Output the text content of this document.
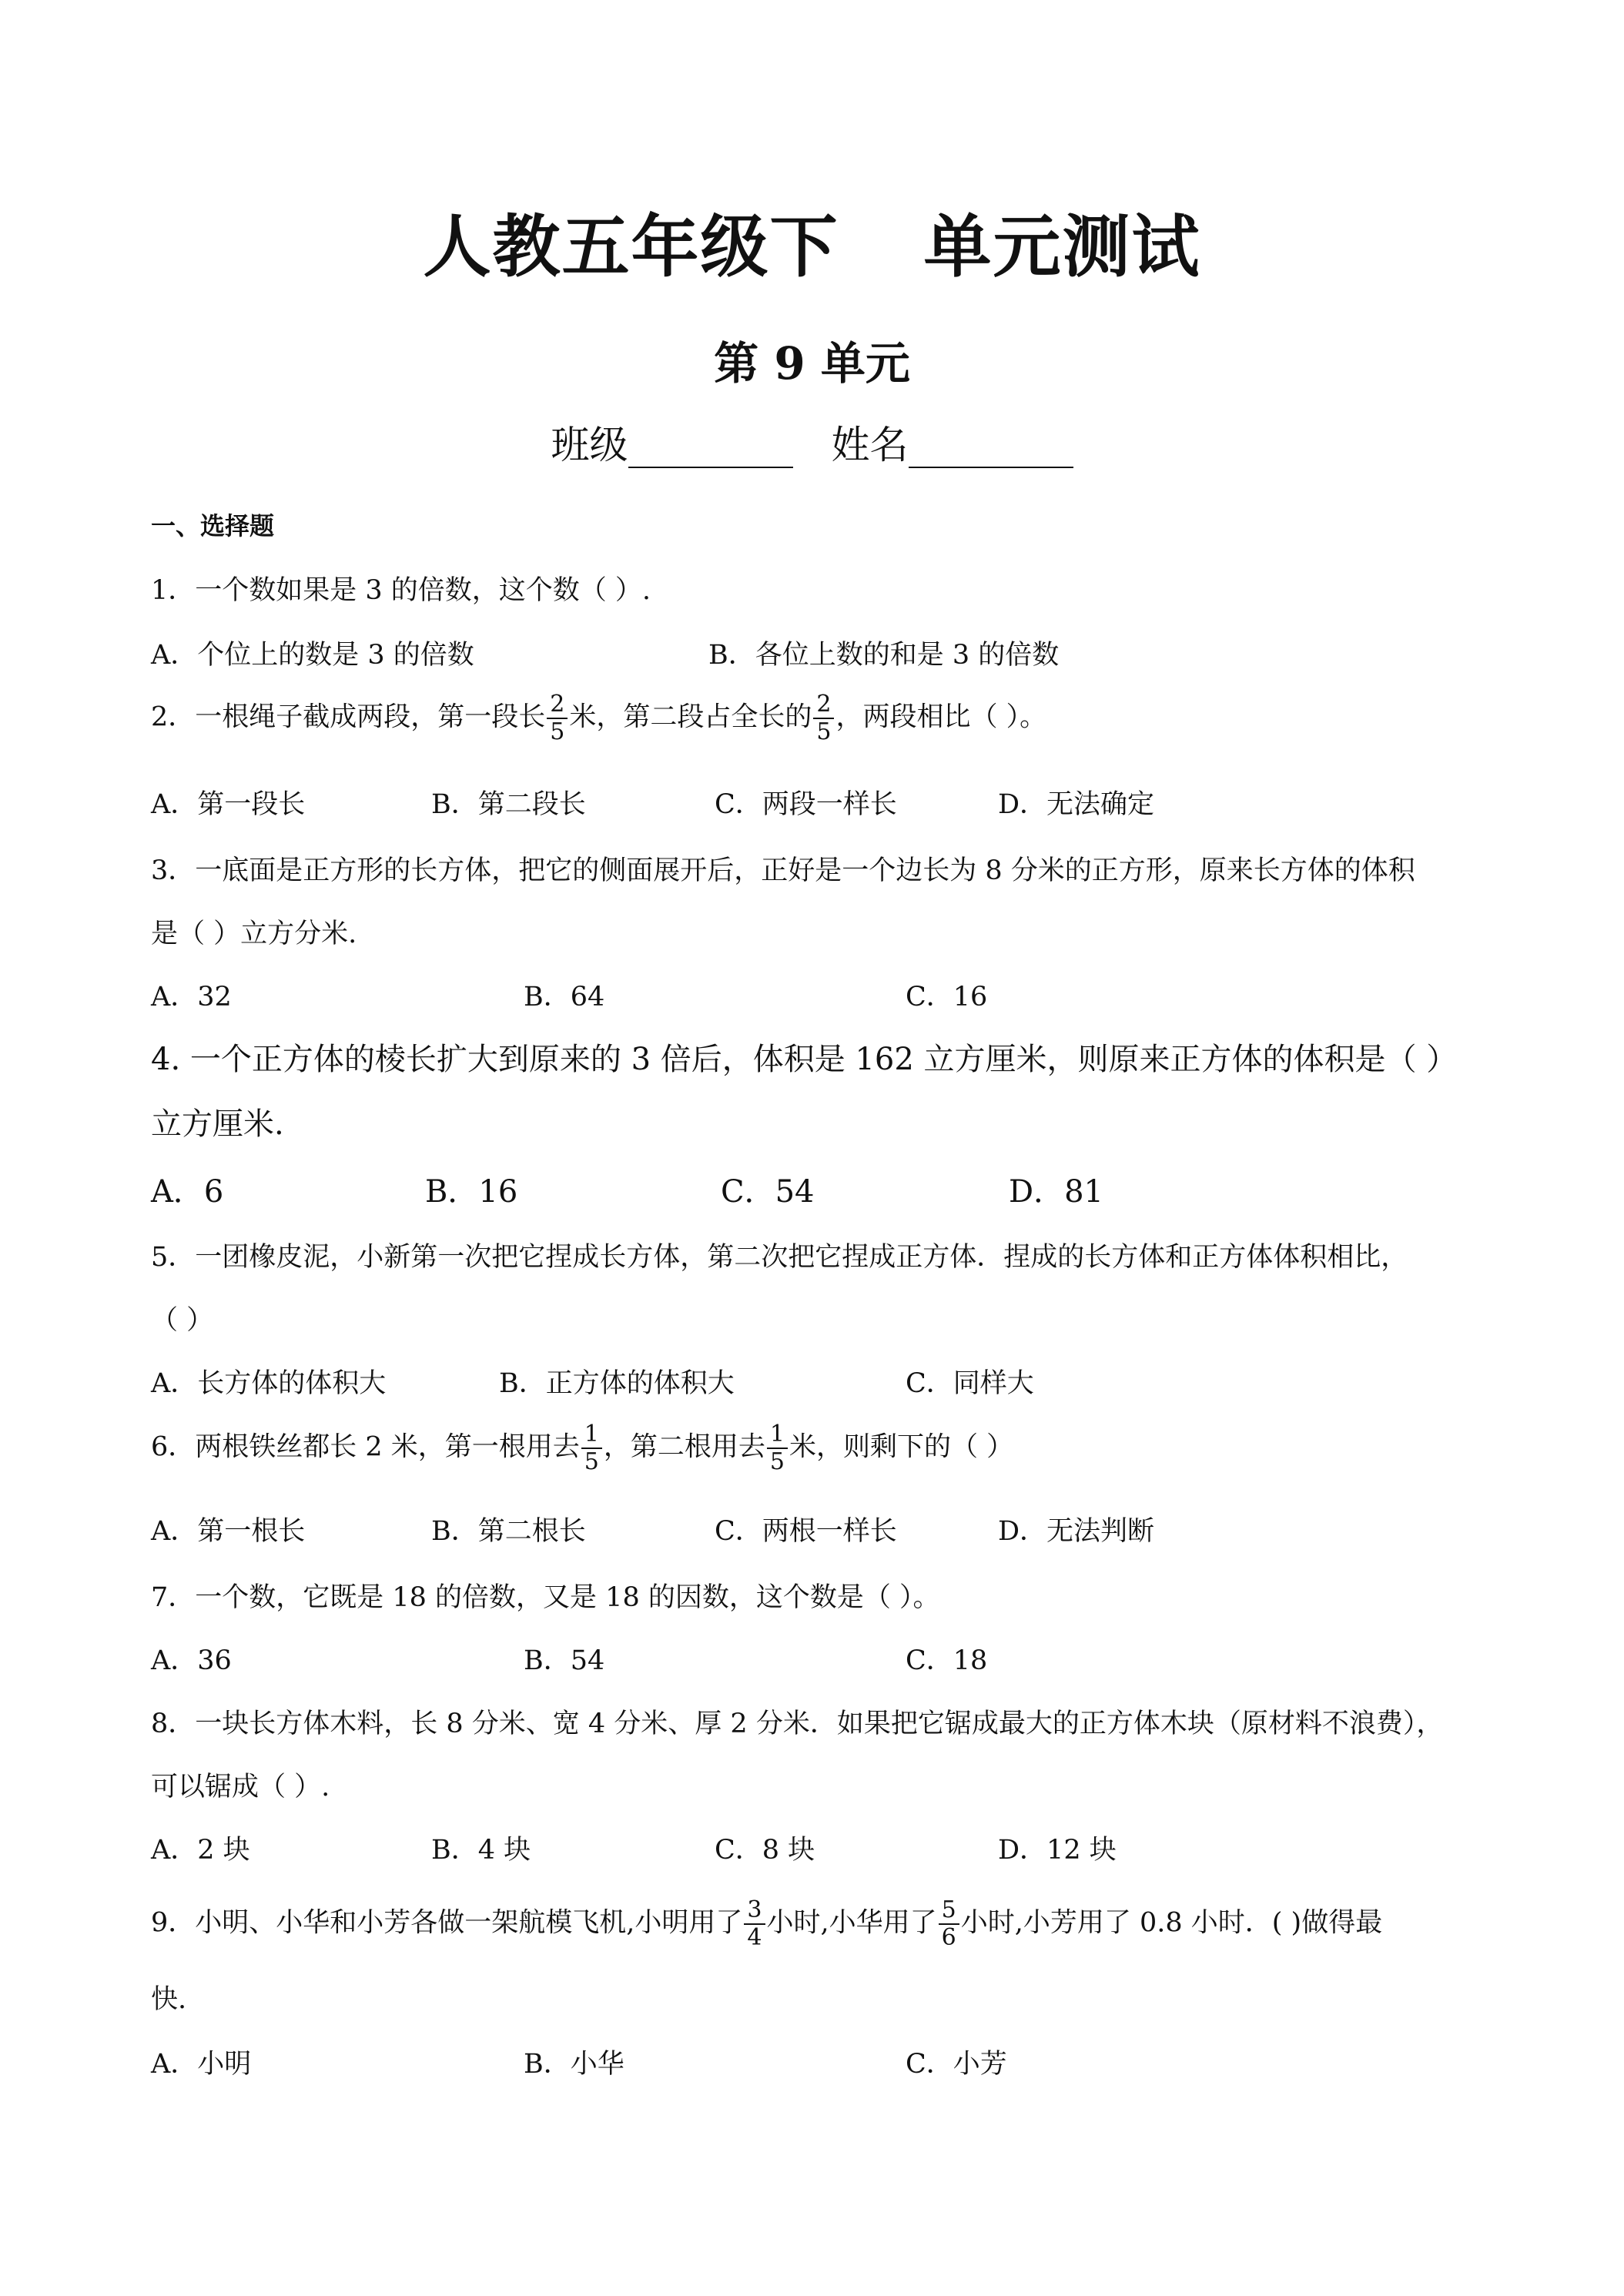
人教五年级下 单元测试
第 9 单元
班级	姓名
一、选择题
1．一个数如果是 3 的倍数，这个数（ ）.
A．个位上的数是 3 的倍数	B．各位上数的和是 3 的倍数
2．一根绳子截成两段，第一段长 $\frac{2}{5}$ 米，第二段占全长的 $\frac{2}{5}$ ，两段相比（ ）。
A．第一段长	B．第二段长	C．两段一样长	D．无法确定
3．一底面是正方形的长方体，把它的侧面展开后，正好是一个边长为 8 分米的正方形，原来长方体的体积
是（ ）立方分米.
A．32	B．64	C．16
4. 一个正方体的棱长扩大到原来的 3 倍后，体积是 162 立方厘米，则原来正方体的体积是（ ）
立方厘米.
A．6	B．16	C．54	D．81
5．一团橡皮泥，小新第一次把它捏成长方体，第二次把它捏成正方体．捏成的长方体和正方体体积相比，
（ ）
A．长方体的体积大	B．正方体的体积大	C．同样大
6．两根铁丝都长 2 米，第一根用去 $\frac{1}{5}$ ，第二根用去 $\frac{1}{5}$ 米，则剩下的（ ）
A．第一根长	B．第二根长	C．两根一样长	D．无法判断
7．一个数，它既是 18 的倍数，又是 18 的因数，这个数是（ ）。
A．36	B．54	C．18
8．一块长方体木料，长 8 分米、宽 4 分米、厚 2 分米．如果把它锯成最大的正方体木块（原材料不浪费），
可以锯成（ ）.
A．2 块	B．4 块	C．8 块	D．12 块
9．小明、小华和小芳各做一架航模飞机,小明用了 $\frac{3}{4}$ 小时,小华用了 $\frac{5}{6}$ 小时,小芳用了 0.8 小时．( )做得最
快.
A．小明	B．小华	C．小芳
